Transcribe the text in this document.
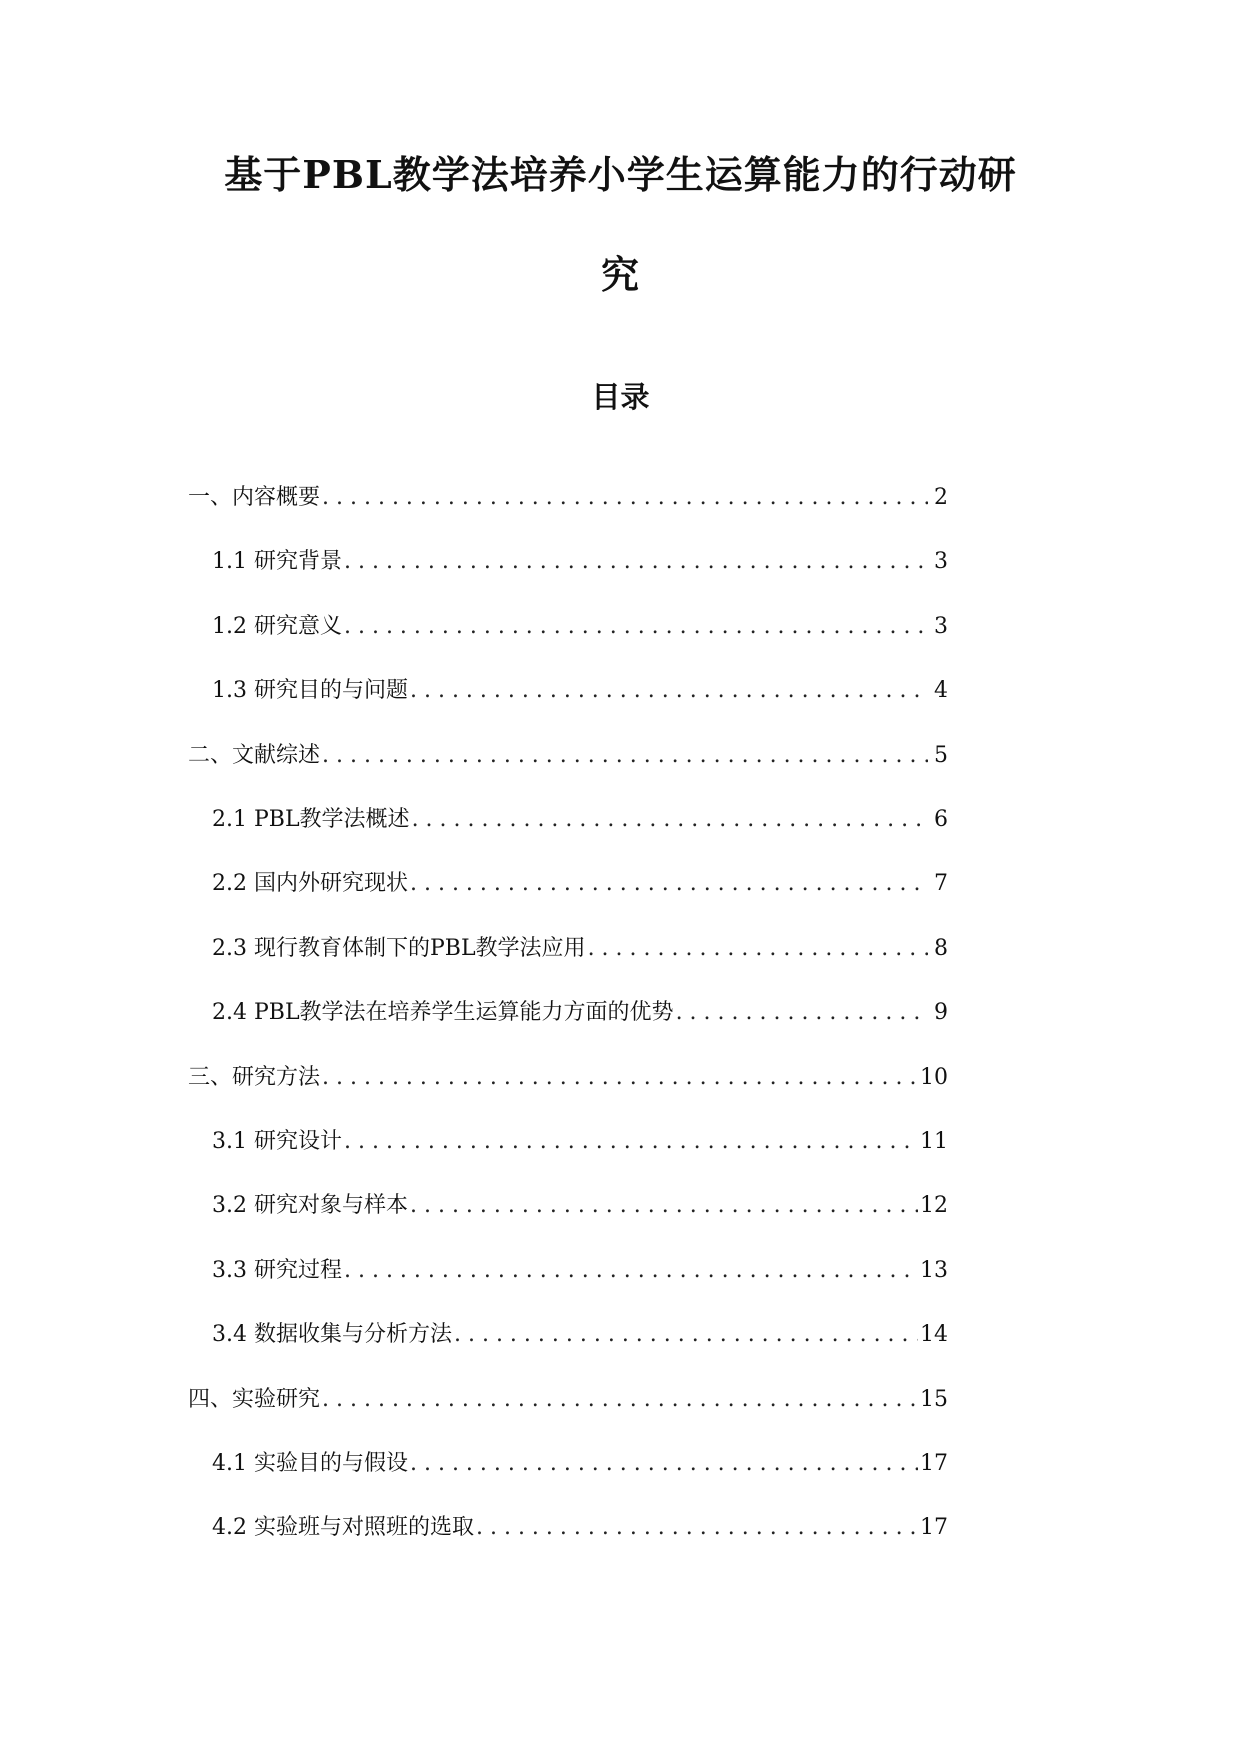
基于PBL教学法培养小学生运算能力的行动研
究
目录
一、内容概要 . . .	2
1.1 研究背景 . . .	3
1.2 研究意义 . . .	3
1.3 研究目的与问题 . . .	4
二、文献综述 . . .	5
2.1 PBL教学法概述 . . .	6
2.2 国内外研究现状 . . .	7
2.3 现行教育体制下的PBL教学法应用 . . .	8
2.4 PBL教学法在培养学生运算能力方面的优势 . . .	9
三、研究方法 . . .	10
3.1 研究设计 . . .	11
3.2 研究对象与样本 . . .	12
3.3 研究过程 . . .	13
3.4 数据收集与分析方法 . . .	14
四、实验研究 . . .	15
4.1 实验目的与假设 . . .	17
4.2 实验班与对照班的选取 . . .	17
